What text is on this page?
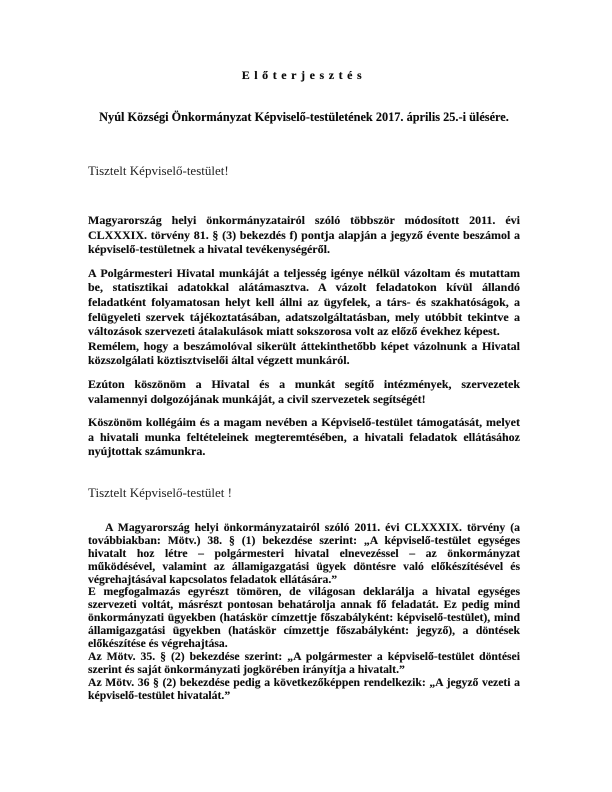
Előterjesztés
Nyúl Községi Önkormányzat Képviselő-testületének 2017. április 25.-i ülésére.
Tisztelt Képviselő-testület!

Magyarország helyi önkormányzatairól szóló többször módosított 2011. évi CLXXXIX. törvény 81. § (3) bekezdés f) pontja alapján a jegyző évente beszámol a képviselő-testületnek a hivatal tevékenységéről.

A Polgármesteri Hivatal munkáját a teljesség igénye nélkül vázoltam és mutattam be, statisztikai adatokkal alátámasztva. A vázolt feladatokon kívül állandó feladatként folyamatosan helyt kell állni az ügyfelek, a társ- és szakhatóságok, a felügyeleti szervek tájékoztatásában, adatszolgáltatásban, mely utóbbit tekintve a változások szervezeti átalakulások miatt sokszorosa volt az előző évekhez képest.

Remélem, hogy a beszámolóval sikerült áttekinthetőbb képet vázolnunk a Hivatal közszolgálati köztisztviselői által végzett munkáról.

Ezúton köszönöm a Hivatal és a munkát segítő intézmények, szervezetek valamennyi dolgozójának munkáját, a civil szervezetek segítségét!

Köszönöm kollégáim és a magam nevében a Képviselő-testület támogatását, melyet a hivatali munka feltételeinek megteremtésében, a hivatali feladatok ellátásához nyújtottak számunkra.

Tisztelt Képviselő-testület !

A Magyarország helyi önkormányzatairól szóló 2011. évi CLXXXIX. törvény (a továbbiakban: Mötv.) 38. § (1) bekezdése szerint: „A képviselő-testület egységes hivatalt hoz létre – polgármesteri hivatal elnevezéssel – az önkormányzat működésével, valamint az államigazgatási ügyek döntésre való előkészítésével és végrehajtásával kapcsolatos feladatok ellátására.”

E megfogalmazás egyrészt tömören, de világosan deklarálja a hivatal egységes szervezeti voltát, másrészt pontosan behatárolja annak fő feladatát. Ez pedig mind önkormányzati ügyekben (hatáskör címzettje főszabályként: képviselő-testület), mind államigazgatási ügyekben (hatáskör címzettje főszabályként: jegyző), a döntések előkészítése és végrehajtása.

Az Mötv. 35. § (2) bekezdése szerint: „A polgármester a képviselő-testület döntései szerint és saját önkormányzati jogkörében irányítja a hivatalt.”

Az Mötv. 36 § (2) bekezdése pedig a következőképpen rendelkezik: „A jegyző vezeti a képviselő-testület hivatalát.”
